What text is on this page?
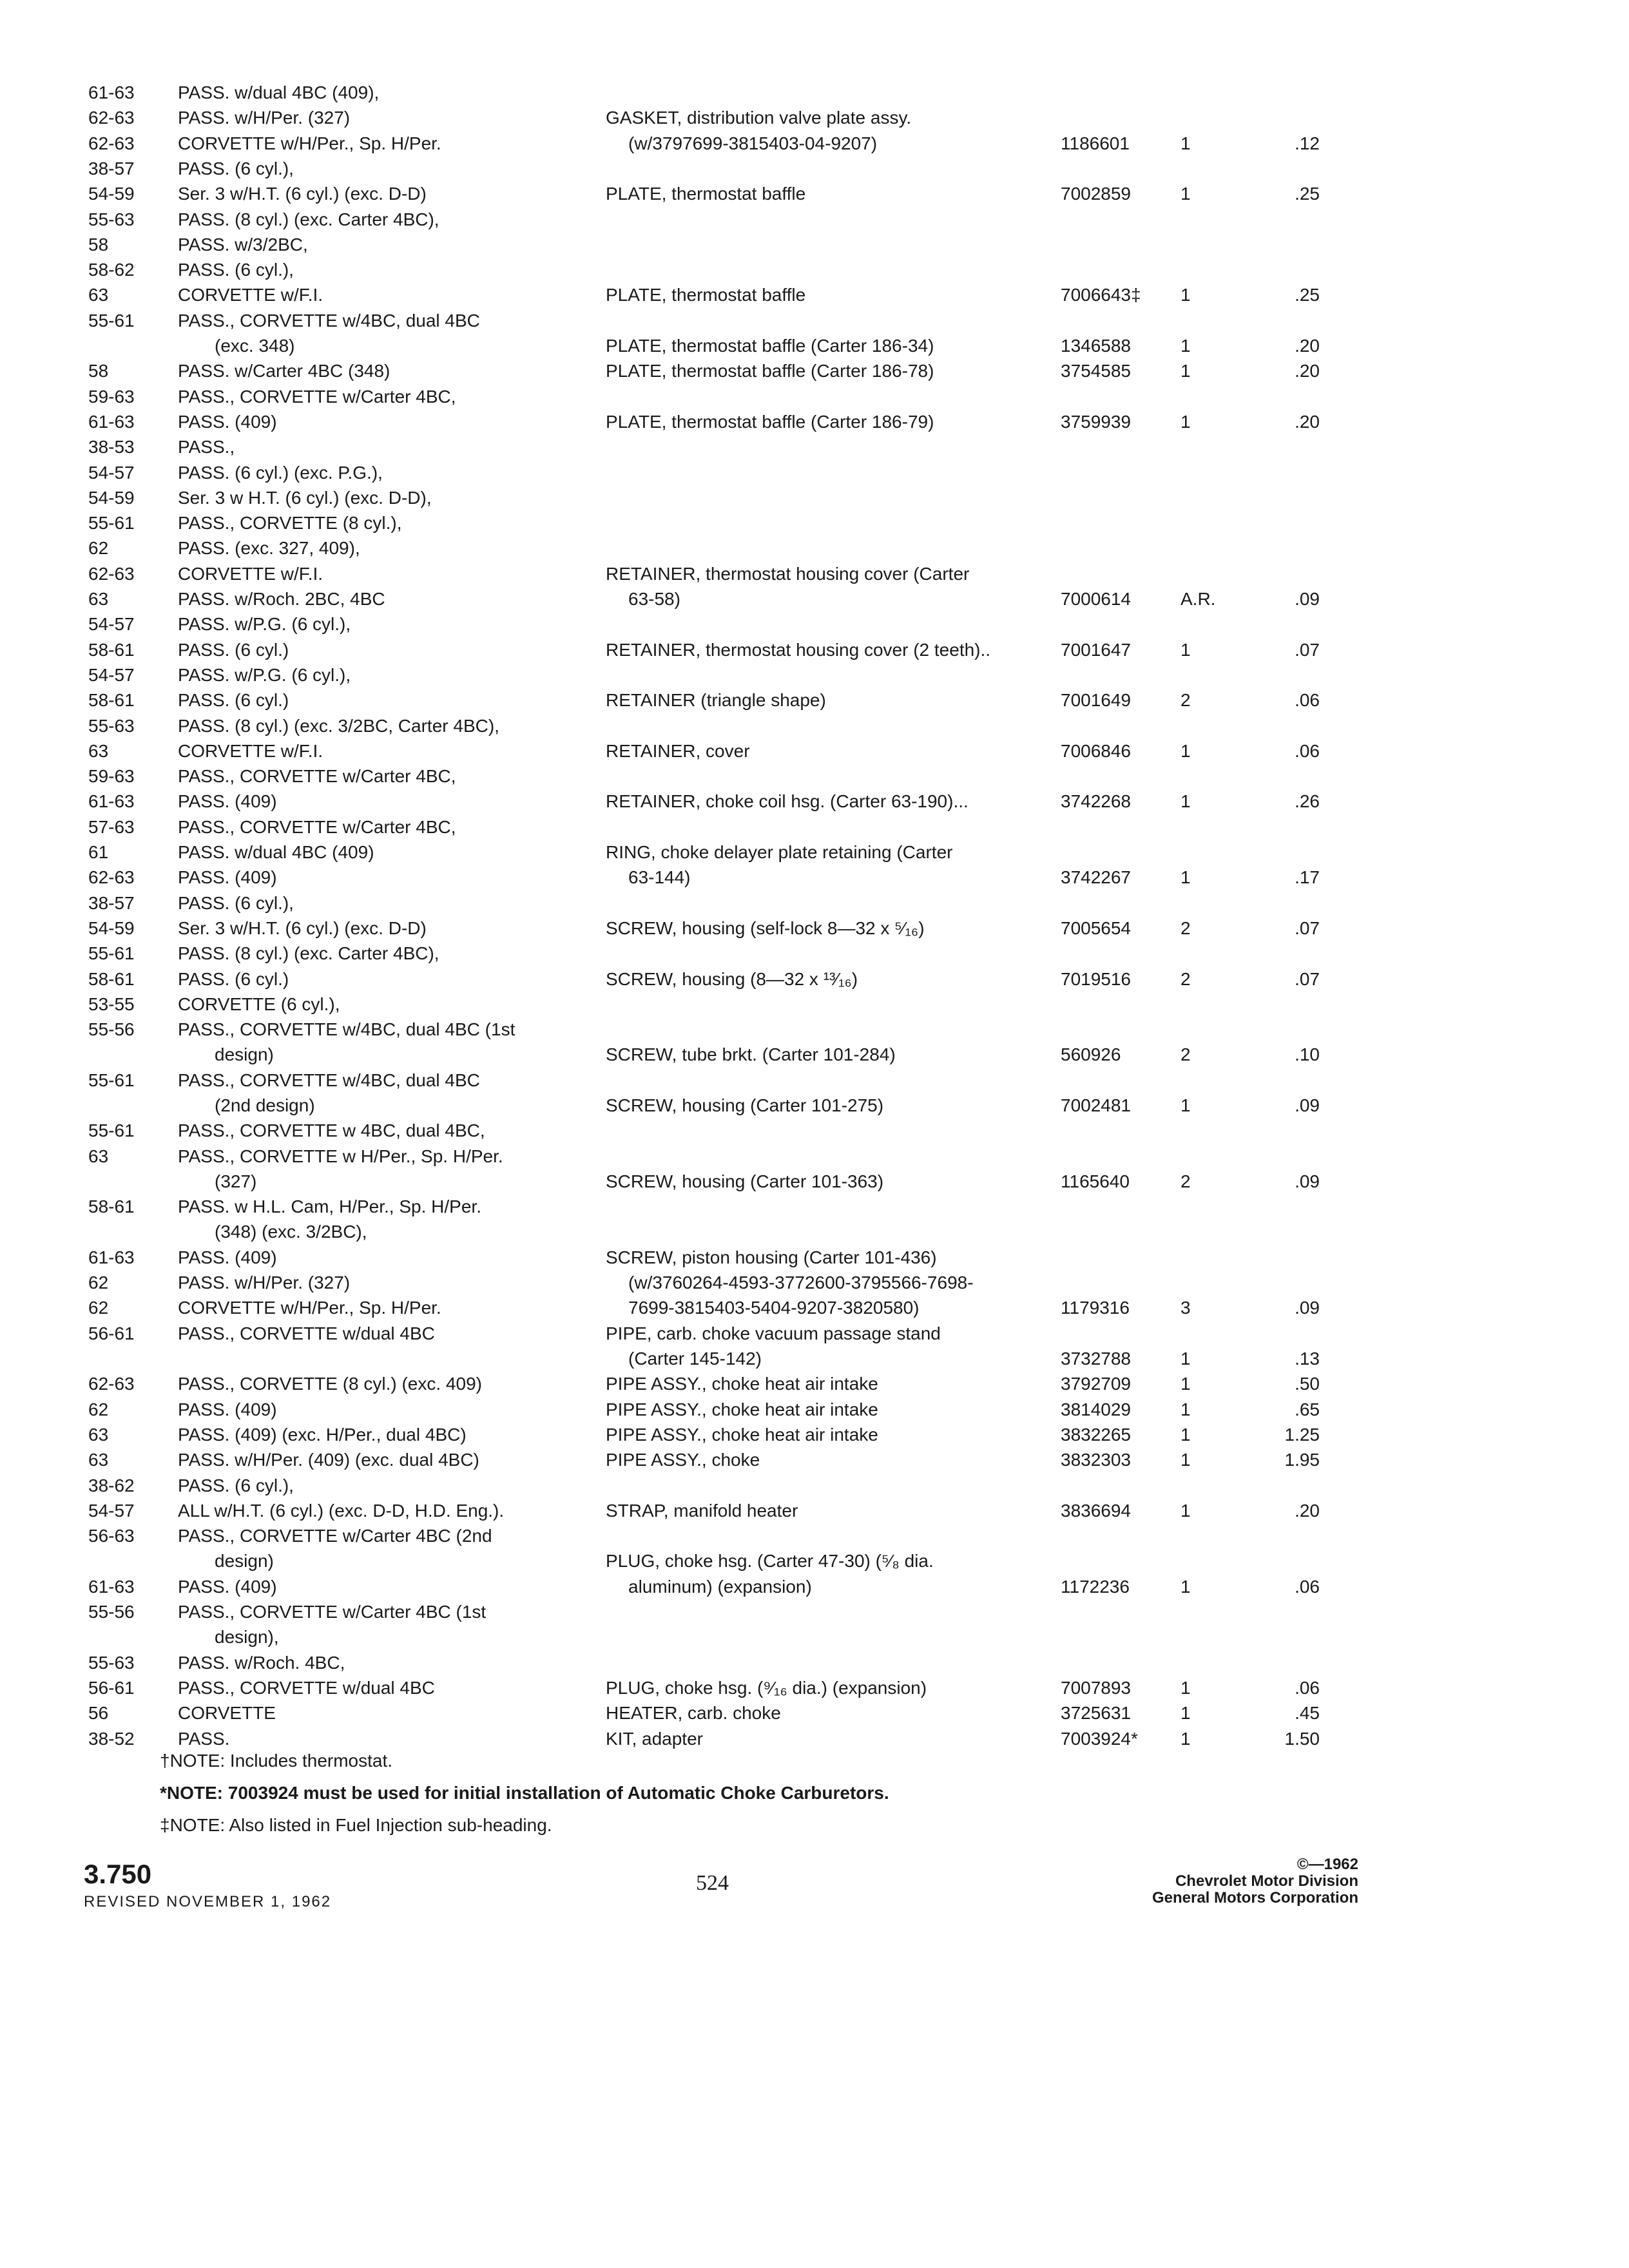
61-63	PASS. w/dual 4BC (409),
62-63	PASS. w/H/Per. (327)	GASKET, distribution valve plate assy.
62-63	CORVETTE w/H/Per., Sp. H/Per.	(w/3797699-3815403-04-9207)	1186601	1	.12
38-57	PASS. (6 cyl.),
54-59	Ser. 3 w/H.T. (6 cyl.) (exc. D-D)	PLATE, thermostat baffle	7002859	1	.25
55-63	PASS. (8 cyl.) (exc. Carter 4BC),
58	PASS. w/3/2BC,
58-62	PASS. (6 cyl.),
63	CORVETTE w/F.I.	PLATE, thermostat baffle	7006643‡	1	.25
55-61	PASS., CORVETTE w/4BC, dual 4BC
(exc. 348)	PLATE, thermostat baffle (Carter 186-34)	1346588	1	.20
58	PASS. w/Carter 4BC (348)	PLATE, thermostat baffle (Carter 186-78)	3754585	1	.20
59-63	PASS., CORVETTE w/Carter 4BC,
61-63	PASS. (409)	PLATE, thermostat baffle (Carter 186-79)	3759939	1	.20
38-53	PASS.,
54-57	PASS. (6 cyl.) (exc. P.G.),
54-59	Ser. 3 w H.T. (6 cyl.) (exc. D-D),
55-61	PASS., CORVETTE (8 cyl.),
62	PASS. (exc. 327, 409),
62-63	CORVETTE w/F.I.	RETAINER, thermostat housing cover (Carter
63	PASS. w/Roch. 2BC, 4BC	63-58)	7000614	A.R.	.09
54-57	PASS. w/P.G. (6 cyl.),
58-61	PASS. (6 cyl.)	RETAINER, thermostat housing cover (2 teeth)..	7001647	1	.07
54-57	PASS. w/P.G. (6 cyl.),
58-61	PASS. (6 cyl.)	RETAINER (triangle shape)	7001649	2	.06
55-63	PASS. (8 cyl.) (exc. 3/2BC, Carter 4BC),
63	CORVETTE w/F.I.	RETAINER, cover	7006846	1	.06
59-63	PASS., CORVETTE w/Carter 4BC,
61-63	PASS. (409)	RETAINER, choke coil hsg. (Carter 63-190)...	3742268	1	.26
57-63	PASS., CORVETTE w/Carter 4BC,
61	PASS. w/dual 4BC (409)	RING, choke delayer plate retaining (Carter
62-63	PASS. (409)	63-144)	3742267	1	.17
38-57	PASS. (6 cyl.),
54-59	Ser. 3 w/H.T. (6 cyl.) (exc. D-D)	SCREW, housing (self-lock 8—32 x ⁵⁄₁₆)	7005654	2	.07
55-61	PASS. (8 cyl.) (exc. Carter 4BC),
58-61	PASS. (6 cyl.)	SCREW, housing (8—32 x ¹³⁄₁₆)	7019516	2	.07
53-55	CORVETTE (6 cyl.),
55-56	PASS., CORVETTE w/4BC, dual 4BC (1st
design)	SCREW, tube brkt. (Carter 101-284)	560926	2	.10
55-61	PASS., CORVETTE w/4BC, dual 4BC
(2nd design)	SCREW, housing (Carter 101-275)	7002481	1	.09
55-61	PASS., CORVETTE w 4BC, dual 4BC,
63	PASS., CORVETTE w H/Per., Sp. H/Per.
(327)	SCREW, housing (Carter 101-363)	1165640	2	.09
58-61	PASS. w H.L. Cam, H/Per., Sp. H/Per.
(348) (exc. 3/2BC),
61-63	PASS. (409)	SCREW, piston housing (Carter 101-436)
62	PASS. w/H/Per. (327)	(w/3760264-4593-3772600-3795566-7698-
62	CORVETTE w/H/Per., Sp. H/Per.	7699-3815403-5404-9207-3820580)	1179316	3	.09
56-61	PASS., CORVETTE w/dual 4BC	PIPE, carb. choke vacuum passage stand
(Carter 145-142)	3732788	1	.13
62-63	PASS., CORVETTE (8 cyl.) (exc. 409)	PIPE ASSY., choke heat air intake	3792709	1	.50
62	PASS. (409)	PIPE ASSY., choke heat air intake	3814029	1	.65
63	PASS. (409) (exc. H/Per., dual 4BC)	PIPE ASSY., choke heat air intake	3832265	1	1.25
63	PASS. w/H/Per. (409) (exc. dual 4BC)	PIPE ASSY., choke	3832303	1	1.95
38-62	PASS. (6 cyl.),
54-57	ALL w/H.T. (6 cyl.) (exc. D-D, H.D. Eng.).	STRAP, manifold heater	3836694	1	.20
56-63	PASS., CORVETTE w/Carter 4BC (2nd
design)	PLUG, choke hsg. (Carter 47-30) (⁵⁄₈ dia.
61-63	PASS. (409)	aluminum) (expansion)	1172236	1	.06
55-56	PASS., CORVETTE w/Carter 4BC (1st
design),
55-63	PASS. w/Roch. 4BC,
56-61	PASS., CORVETTE w/dual 4BC	PLUG, choke hsg. (⁹⁄₁₆ dia.) (expansion)	7007893	1	.06
56	CORVETTE	HEATER, carb. choke	3725631	1	.45
38-52	PASS.	KIT, adapter	7003924*	1	1.50
†NOTE: Includes thermostat.
*NOTE: 7003924 must be used for initial installation of Automatic Choke Carburetors.
‡NOTE: Also listed in Fuel Injection sub-heading.
3.750
REVISED NOVEMBER 1, 1962
524
©—1962
Chevrolet Motor Division
General Motors Corporation
